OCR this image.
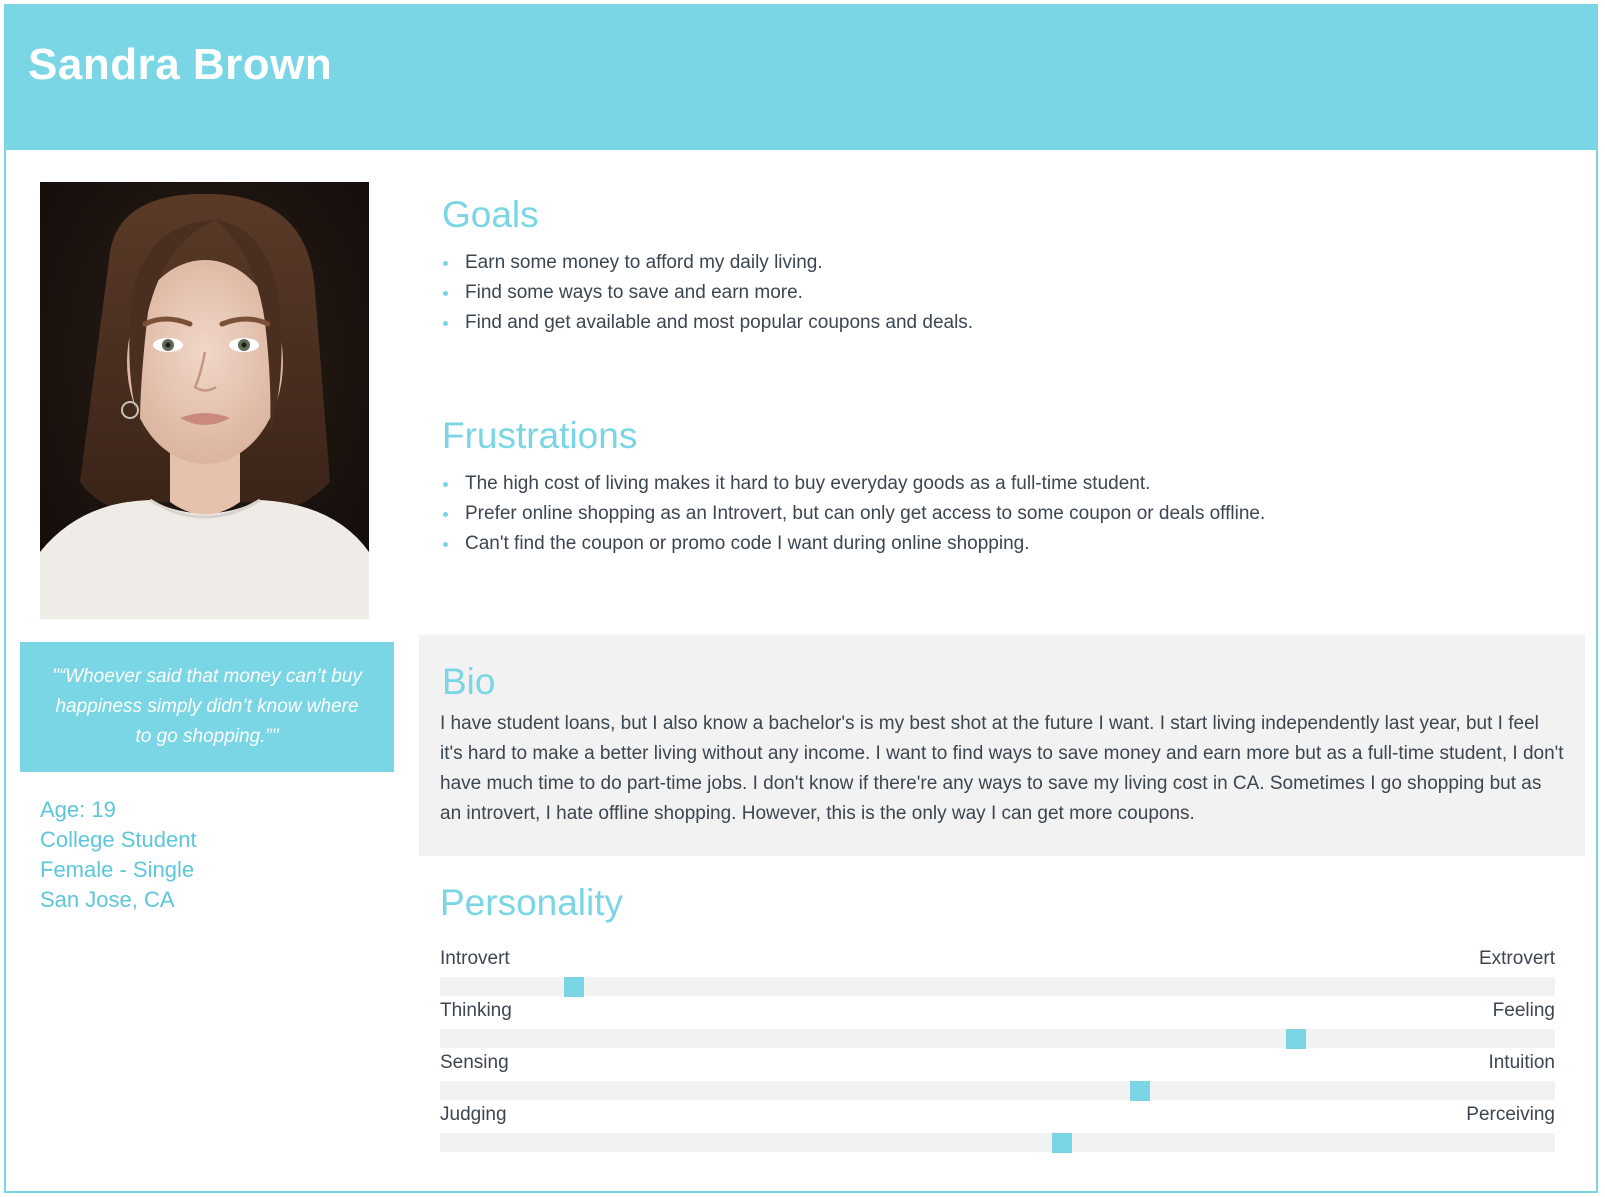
Sandra Brown

"“Whoever said that money can’t buy happiness simply didn’t know where to go shopping.”"

Age: 19

College Student

Female - Single

San Jose, CA

Goals
Earn some money to afford my daily living.
Find some ways to save and earn more.
Find and get available and most popular coupons and deals.
Frustrations
The high cost of living makes it hard to buy everyday goods as a full-time student.
Prefer online shopping as an Introvert, but can only get access to some coupon or deals offline.
Can't find the coupon or promo code I want during online shopping.
Bio

I have student loans, but I also know a bachelor's is my best shot at the future I want. I start living independently last year, but I feel it's hard to make a better living without any income. I want to find ways to save money and earn more but as a full-time student, I don't have much time to do part-time jobs. I don't know if there're any ways to save my living cost in CA. Sometimes I go shopping but as an introvert, I hate offline shopping. However, this is the only way I can get more coupons.

Personality
Introvert	Extrovert
Thinking	Feeling
Sensing	Intuition
Judging	Perceiving
